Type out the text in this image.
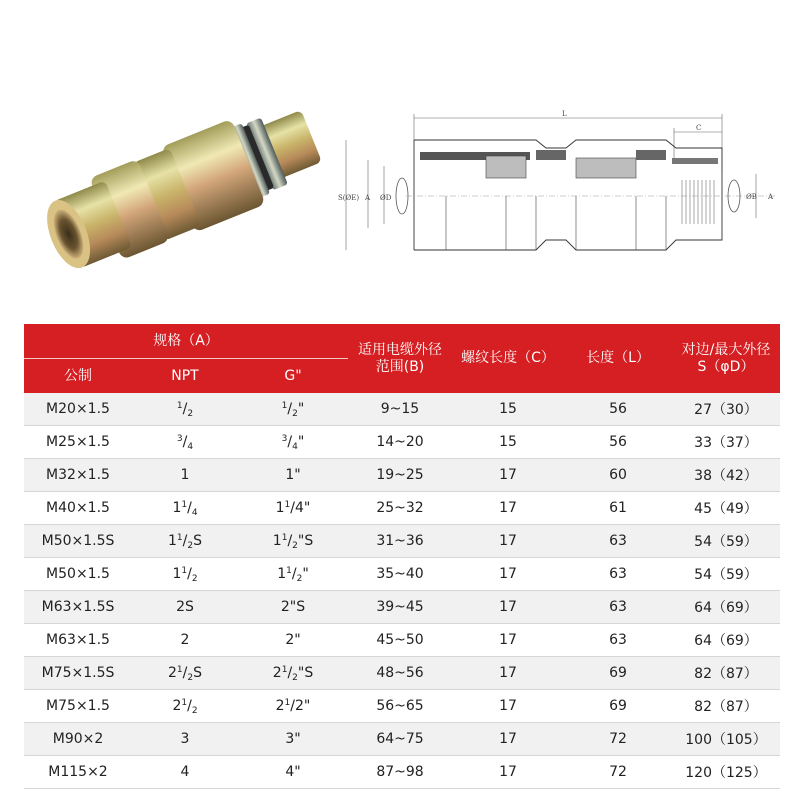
L
C
S(ØE) A ØD	ØB A
规格（A）			适用电缆外径
范围(B)	螺纹长度（C）	长度（L）	对边/最大外径
S（φD）
公制	NPT	G"				
M20×1.5	$^1/_2$	$^1/_2$"	9~15	15	56	27（30）
M25×1.5	$^3/_4$	$^3/_4$"	14~20	15	56	33（37）
M32×1.5	1	1"	19~25	17	60	38（42）
M40×1.5	$1^1/_4$	$1^1/4$"	25~32	17	61	45（49）
M50×1.5S	$1^1/_2S$	$1^1/_2"S$	31~36	17	63	54（59）
M50×1.5	$1^1/_2$	$1^1/_2$"	35~40	17	63	54（59）
M63×1.5S	2S	2"S	39~45	17	63	64（69）
M63×1.5	2	2"	45~50	17	63	64（69）
M75×1.5S	$2^1/_2S$	$2^1/_2"S$	48~56	17	69	82（87）
M75×1.5	$2^1/_2$	$2^1/2$"	56~65	17	69	82（87）
M90×2	3	3"	64~75	17	72	100（105）
M115×2	4	4"	87~98	17	72	120（125）
